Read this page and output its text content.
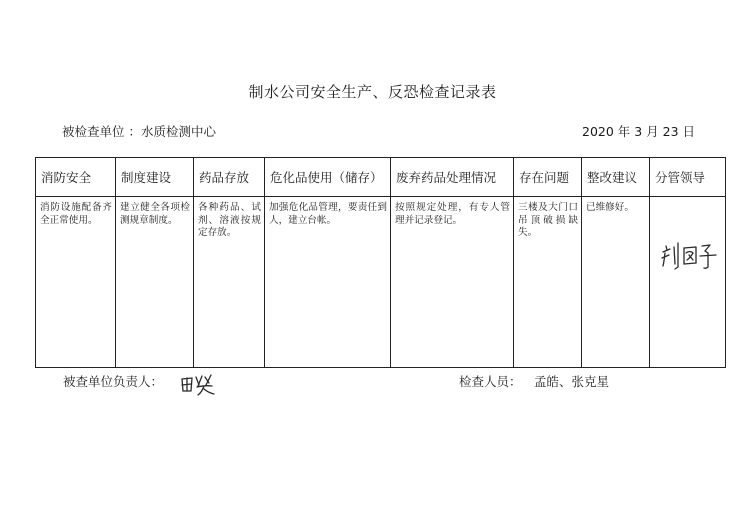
制水公司安全生产、反恐检查记录表
被检查单位 ：水质检测中心	2020 年 3 月 23 日
消防安全	制度建设	药品存放	危化品使用（储存）	废弃药品处理情况	存在问题	整改建议	分管领导
消防设施配备齐全正常使用。	建立健全各项检测规章制度。	各种药品、试剂、溶液按规定存放。	加强危化品管理，要责任到人，建立台帐。	按照规定处理，有专人管理并记录登记。	三楼及大门口吊顶破损缺失。	已维修好。	
被查单位负责人：	检查人员： 孟皓、张克星
